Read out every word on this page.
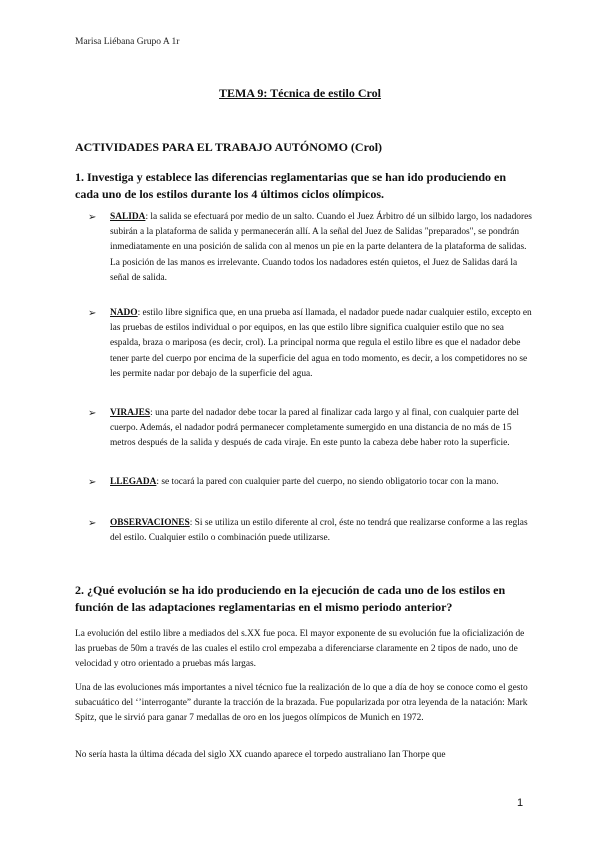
Marisa Liébana Grupo A 1r
TEMA 9: Técnica de estilo Crol
ACTIVIDADES PARA EL TRABAJO AUTÓNOMO (Crol)
1. Investiga y establece las diferencias reglamentarias que se han ido produciendo en cada uno de los estilos durante los 4 últimos ciclos olímpicos.

➢ SALIDA: la salida se efectuará por medio de un salto. Cuando el Juez Árbitro dé un silbido largo, los nadadores subirán a la plataforma de salida y permanecerán allí. A la señal del Juez de Salidas "preparados", se pondrán inmediatamente en una posición de salida con al menos un pie en la parte delantera de la plataforma de salidas. La posición de las manos es irrelevante. Cuando todos los nadadores estén quietos, el Juez de Salidas dará la señal de salida.

➢ NADO: estilo libre significa que, en una prueba así llamada, el nadador puede nadar cualquier estilo, excepto en las pruebas de estilos individual o por equipos, en las que estilo libre significa cualquier estilo que no sea espalda, braza o mariposa (es decir, crol). La principal norma que regula el estilo libre es que el nadador debe tener parte del cuerpo por encima de la superficie del agua en todo momento, es decir, a los competidores no se les permite nadar por debajo de la superficie del agua.

➢ VIRAJES: una parte del nadador debe tocar la pared al finalizar cada largo y al final, con cualquier parte del cuerpo. Además, el nadador podrá permanecer completamente sumergido en una distancia de no más de 15 metros después de la salida y después de cada viraje. En este punto la cabeza debe haber roto la superficie.

➢ LLEGADA: se tocará la pared con cualquier parte del cuerpo, no siendo obligatorio tocar con la mano.

➢ OBSERVACIONES: Si se utiliza un estilo diferente al crol, éste no tendrá que realizarse conforme a las reglas del estilo. Cualquier estilo o combinación puede utilizarse.

2. ¿Qué evolución se ha ido produciendo en la ejecución de cada uno de los estilos en función de las adaptaciones reglamentarias en el mismo periodo anterior?

La evolución del estilo libre a mediados del s.XX fue poca. El mayor exponente de su evolución fue la oficialización de las pruebas de 50m a través de las cuales el estilo crol empezaba a diferenciarse claramente en 2 tipos de nado, uno de velocidad y otro orientado a pruebas más largas.

Una de las evoluciones más importantes a nivel técnico fue la realización de lo que a día de hoy se conoce como el gesto subacuático del ‘’interrogante” durante la tracción de la brazada. Fue popularizada por otra leyenda de la natación: Mark Spitz, que le sirvió para ganar 7 medallas de oro en los juegos olímpicos de Munich en 1972.

No sería hasta la última década del siglo XX cuando aparece el torpedo australiano Ian Thorpe que

1
